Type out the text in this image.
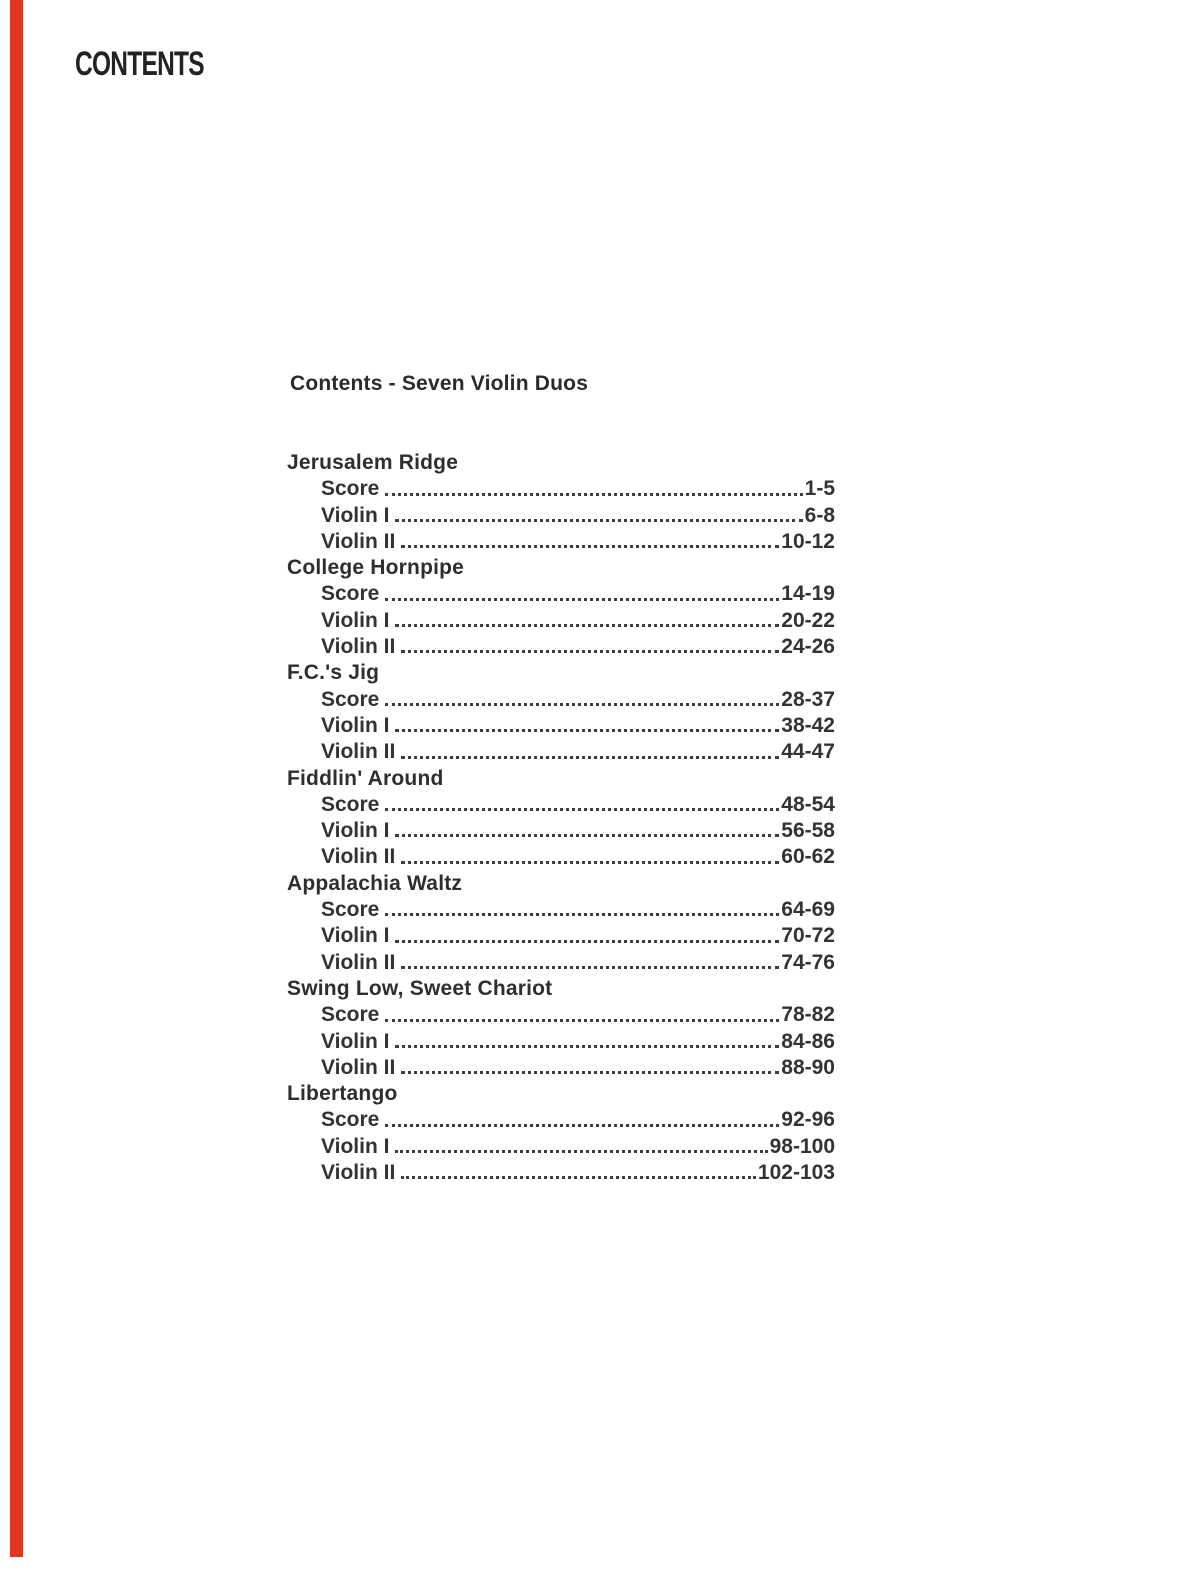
CONTENTS
Contents - Seven Violin Duos
Jerusalem Ridge
Score	1-5
Violin I	6-8
Violin II	10-12
College Hornpipe
Score	14-19
Violin I	20-22
Violin II	24-26
F.C.'s Jig
Score	28-37
Violin I	38-42
Violin II	44-47
Fiddlin' Around
Score	48-54
Violin I	56-58
Violin II	60-62
Appalachia Waltz
Score	64-69
Violin I	70-72
Violin II	74-76
Swing Low, Sweet Chariot
Score	78-82
Violin I	84-86
Violin II	88-90
Libertango
Score	92-96
Violin I	98-100
Violin II	102-103
